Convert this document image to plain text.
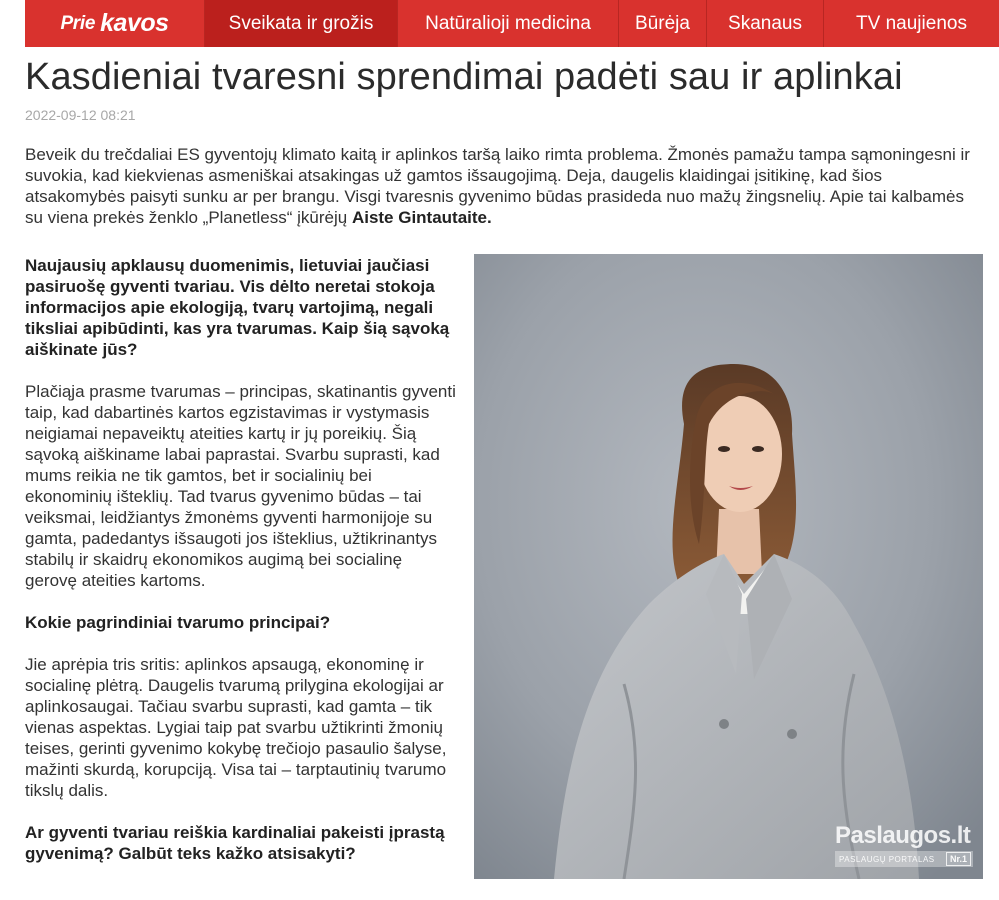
Prie kavos	Sveikata ir grožis	Natūralioji medicina	Būrėja	Skanaus	TV naujienos
Kasdieniai tvaresni sprendimai padėti sau ir aplinkai
2022-09-12 08:21

Beveik du trečdaliai ES gyventojų klimato kaitą ir aplinkos taršą laiko rimta problema. Žmonės pamažu tampa sąmoningesni ir suvokia, kad kiekvienas asmeniškai atsakingas už gamtos išsaugojimą. Deja, daugelis klaidingai įsitikinę, kad šios atsakomybės paisyti sunku ar per brangu. Visgi tvaresnis gyvenimo būdas prasideda nuo mažų žingsnelių. Apie tai kalbamės su viena prekės ženklo „Planetless“ įkūrėjų Aiste Gintautaite.

Naujausių apklausų duomenimis, lietuviai jaučiasi pasiruošę gyventi tvariau. Vis dėlto neretai stokoja informacijos apie ekologiją, tvarų vartojimą, negali tiksliai apibūdinti, kas yra tvarumas. Kaip šią sąvoką aiškinate jūs?

Plačiąja prasme tvarumas – principas, skatinantis gyventi taip, kad dabartinės kartos egzistavimas ir vystymasis neigiamai nepaveiktų ateities kartų ir jų poreikių. Šią sąvoką aiškiname labai paprastai. Svarbu suprasti, kad mums reikia ne tik gamtos, bet ir socialinių bei ekonominių išteklių. Tad tvarus gyvenimo būdas – tai veiksmai, leidžiantys žmonėms gyventi harmonijoje su gamta, padedantys išsaugoti jos išteklius, užtikrinantys stabilų ir skaidrų ekonomikos augimą bei socialinę gerovę ateities kartoms.

Kokie pagrindiniai tvarumo principai?

Jie aprėpia tris sritis: aplinkos apsaugą, ekonominę ir socialinę plėtrą. Daugelis tvarumą prilygina ekologijai ar aplinkosaugai. Tačiau svarbu suprasti, kad gamta – tik vienas aspektas. Lygiai taip pat svarbu užtikrinti žmonių teises, gerinti gyvenimo kokybę trečiojo pasaulio šalyse, mažinti skurdą, korupciją. Visa tai – tarptautinių tvarumo tikslų dalis.

Ar gyventi tvariau reiškia kardinaliai pakeisti įprastą gyvenimą? Galbūt teks kažko atsisakyti?

Paslaugos.lt
PASLAUGŲ PORTALAS	Nr.1
